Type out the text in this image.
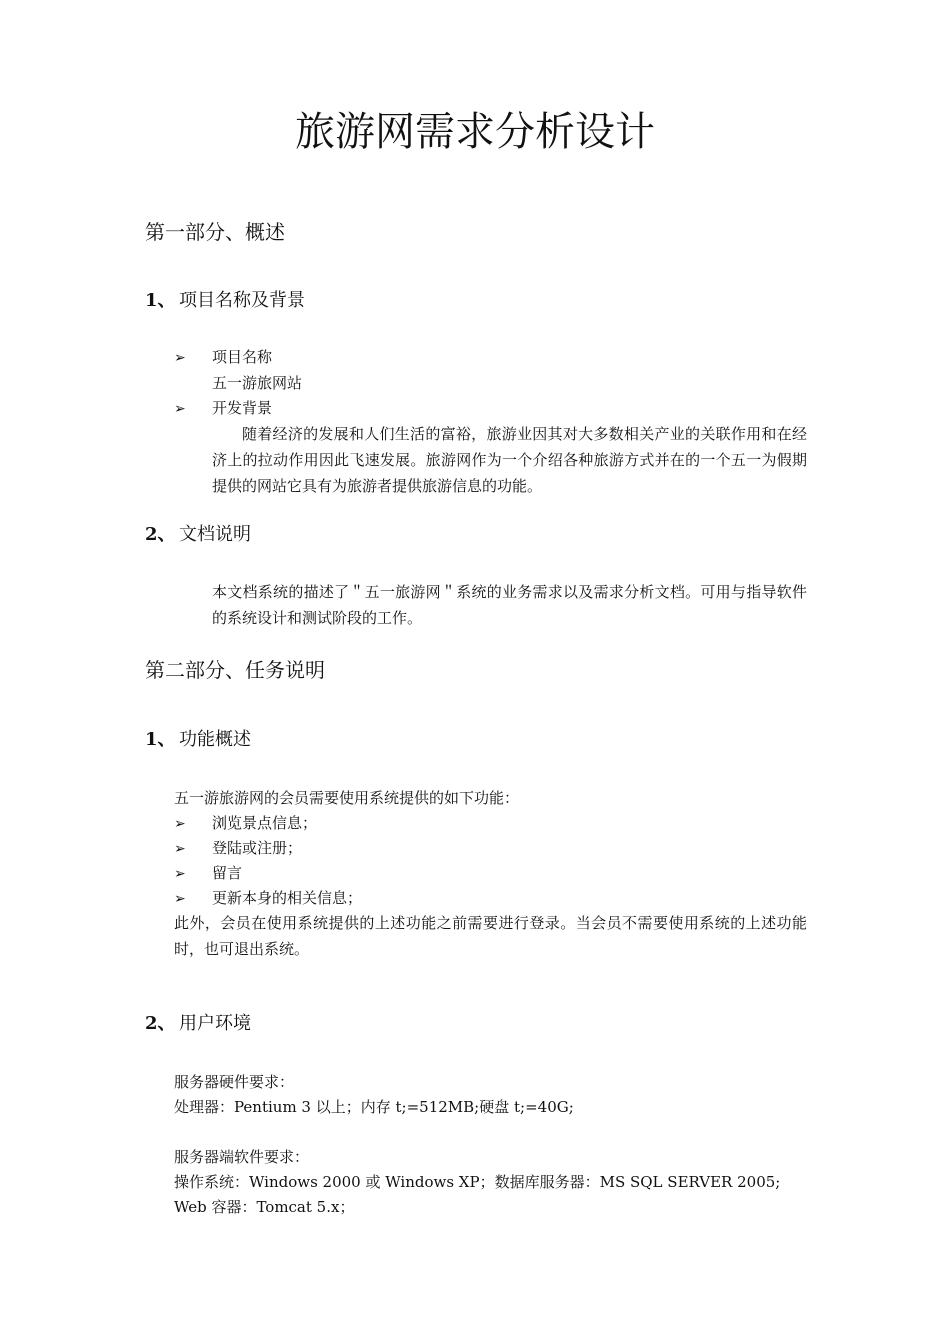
旅游网需求分析设计
第一部分、概述
1、 项目名称及背景
➢ 项目名称
五一游旅网站
➢ 开发背景
随着经济的发展和人们生活的富裕，旅游业因其对大多数相关产业的关联作用和在经济上的拉动作用因此飞速发展。旅游网作为一个介绍各种旅游方式并在的一个五一为假期提供的网站它具有为旅游者提供旅游信息的功能。
2、 文档说明
本文档系统的描述了＂五一旅游网＂系统的业务需求以及需求分析文档。可用与指导软件的系统设计和测试阶段的工作。
第二部分、任务说明
1、 功能概述
五一游旅游网的会员需要使用系统提供的如下功能：
➢ 浏览景点信息；
➢ 登陆或注册；
➢ 留言
➢ 更新本身的相关信息；
此外，会员在使用系统提供的上述功能之前需要进行登录。当会员不需要使用系统的上述功能时，也可退出系统。
2、 用户环境
服务器硬件要求：
处理器：Pentium 3 以上；内存 t;=512MB;硬盘 t;=40G;
服务器端软件要求：
操作系统：Windows 2000 或 Windows XP；数据库服务器：MS SQL SERVER 2005;
Web 容器：Tomcat 5.x；
